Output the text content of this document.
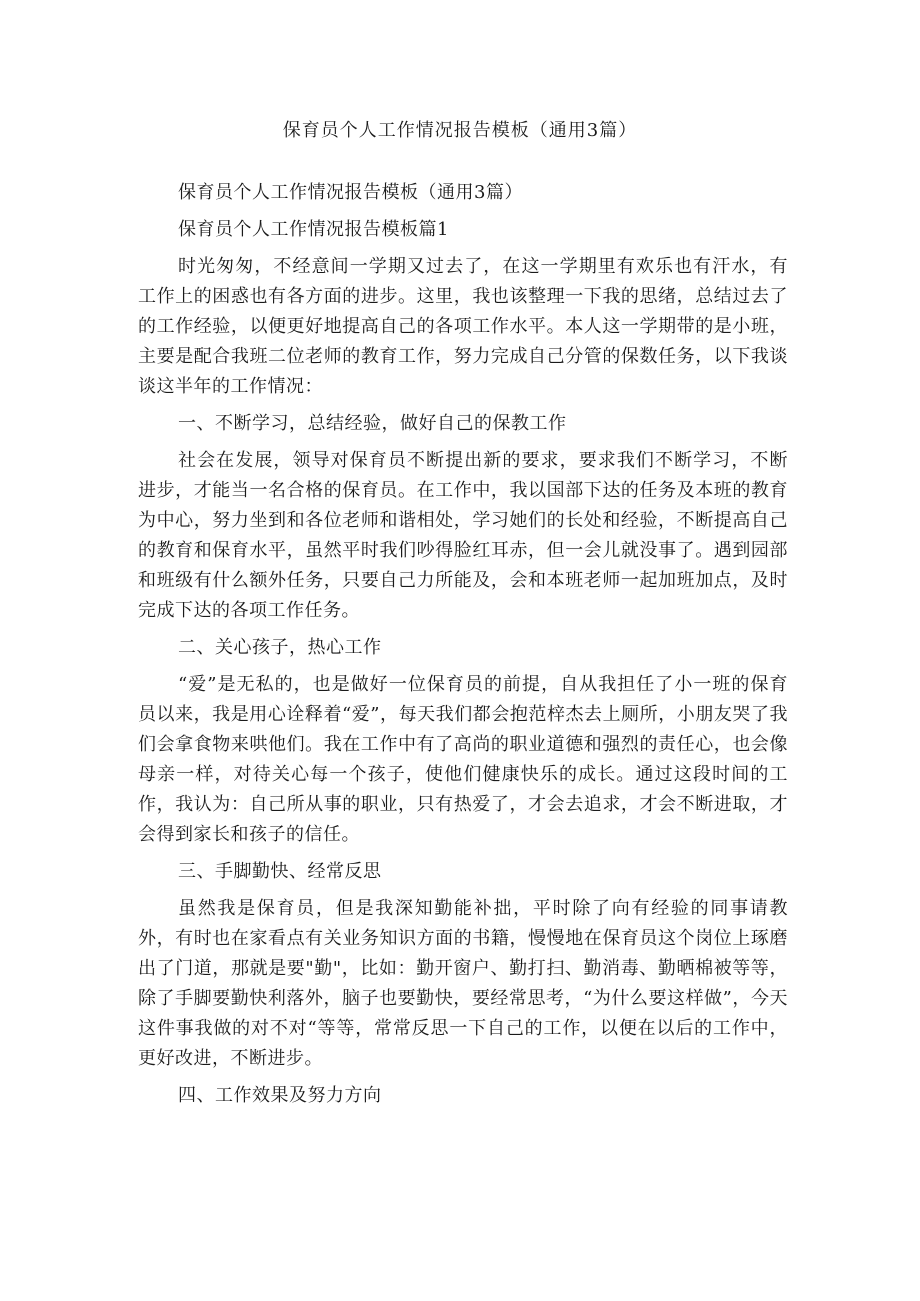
保育员个人工作情况报告模板（通用3篇）

保育员个人工作情况报告模板（通用3篇）

保育员个人工作情况报告模板篇1

时光匆匆，不经意间一学期又过去了，在这一学期里有欢乐也有汗水，有工作上的困惑也有各方面的进步。这里，我也该整理一下我的思绪，总结过去了的工作经验，以便更好地提高自己的各项工作水平。本人这一学期带的是小班，主要是配合我班二位老师的教育工作，努力完成自己分管的保数任务，以下我谈谈这半年的工作情况：

一、不断学习，总结经验，做好自己的保教工作

社会在发展，领导对保育员不断提出新的要求，要求我们不断学习，不断进步，才能当一名合格的保育员。在工作中，我以国部下达的任务及本班的教育为中心，努力坐到和各位老师和谐相处，学习她们的长处和经验，不断提高自己的教育和保育水平，虽然平时我们吵得脸红耳赤，但一会儿就没事了。遇到园部和班级有什么额外任务，只要自己力所能及，会和本班老师一起加班加点，及时完成下达的各项工作任务。

二、关心孩子，热心工作

“爱”是无私的，也是做好一位保育员的前提，自从我担任了小一班的保育员以来，我是用心诠释着“爱”，每天我们都会抱范梓杰去上厕所，小朋友哭了我们会拿食物来哄他们。我在工作中有了高尚的职业道德和强烈的责任心，也会像母亲一样，对待关心每一个孩子，使他们健康快乐的成长。通过这段时间的工作，我认为：自己所从事的职业，只有热爱了，才会去追求，才会不断进取，才会得到家长和孩子的信任。

三、手脚勤快、经常反思

虽然我是保育员，但是我深知勤能补拙，平时除了向有经验的同事请教外，有时也在家看点有关业务知识方面的书籍，慢慢地在保育员这个岗位上琢磨出了门道，那就是要"勤"，比如：勤开窗户、勤打扫、勤消毒、勤晒棉被等等，除了手脚要勤快利落外，脑子也要勤快，要经常思考，“为什么要这样做”，今天这件事我做的对不对“等等，常常反思一下自己的工作，以便在以后的工作中，更好改进，不断进步。

四、工作效果及努力方向
